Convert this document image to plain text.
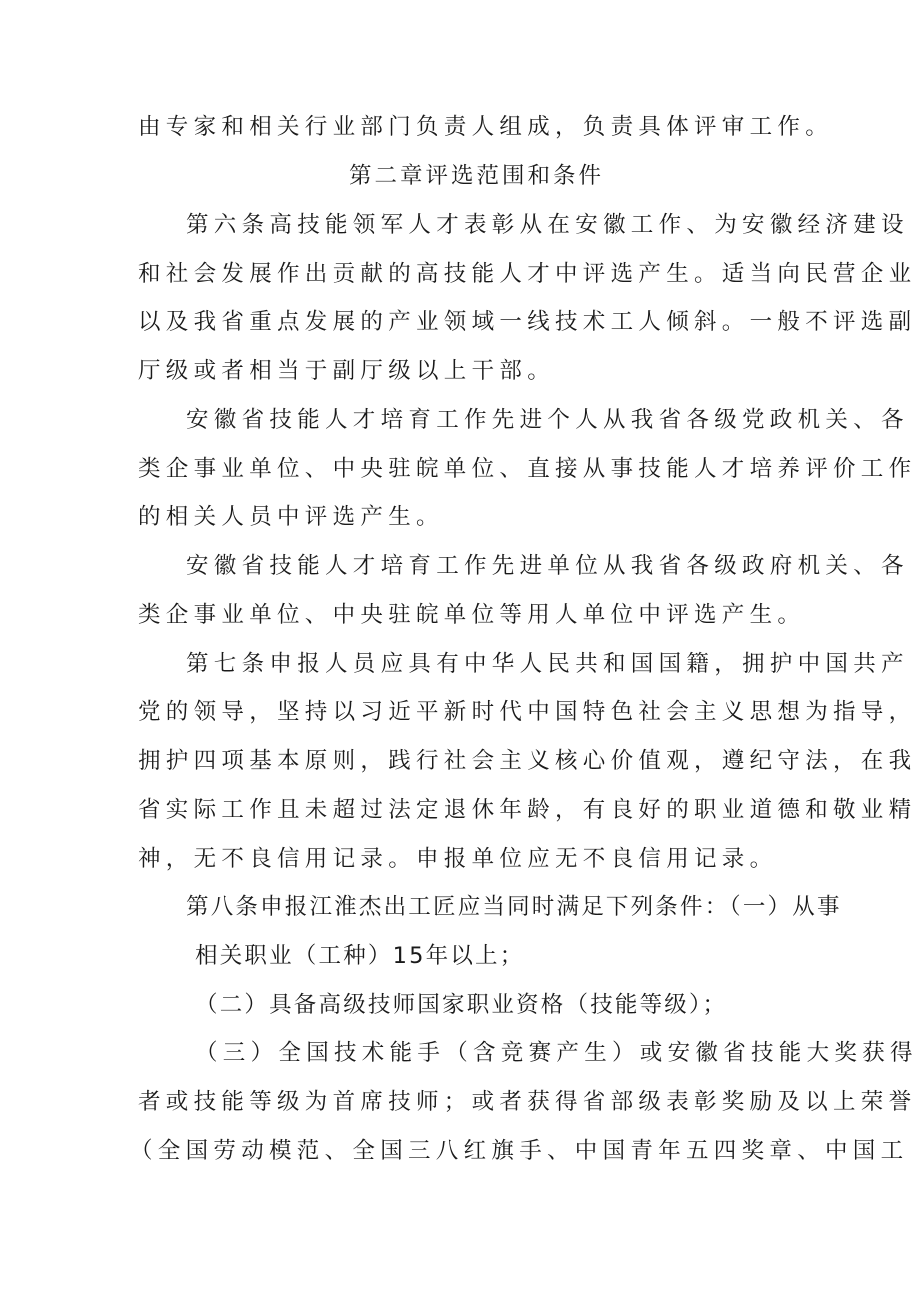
由专家和相关行业部门负责人组成，负责具体评审工作。
第二章评选范围和条件
第六条高技能领军人才表彰从在安徽工作、为安徽经济建设
和社会发展作出贡献的高技能人才中评选产生。适当向民营企业
以及我省重点发展的产业领域一线技术工人倾斜。一般不评选副
厅级或者相当于副厅级以上干部。
安徽省技能人才培育工作先进个人从我省各级党政机关、各
类企事业单位、中央驻皖单位、直接从事技能人才培养评价工作
的相关人员中评选产生。
安徽省技能人才培育工作先进单位从我省各级政府机关、各
类企事业单位、中央驻皖单位等用人单位中评选产生。
第七条申报人员应具有中华人民共和国国籍，拥护中国共产
党的领导，坚持以习近平新时代中国特色社会主义思想为指导，
拥护四项基本原则，践行社会主义核心价值观，遵纪守法，在我
省实际工作且未超过法定退休年龄，有良好的职业道德和敬业精
神，无不良信用记录。申报单位应无不良信用记录。
第八条申报江淮杰出工匠应当同时满足下列条件：（一）从事
相关职业（工种）15年以上；
（二）具备高级技师国家职业资格（技能等级）；
（三）全国技术能手（含竞赛产生）或安徽省技能大奖获得
者或技能等级为首席技师；或者获得省部级表彰奖励及以上荣誉
（全国劳动模范、全国三八红旗手、中国青年五四奖章、中国工
